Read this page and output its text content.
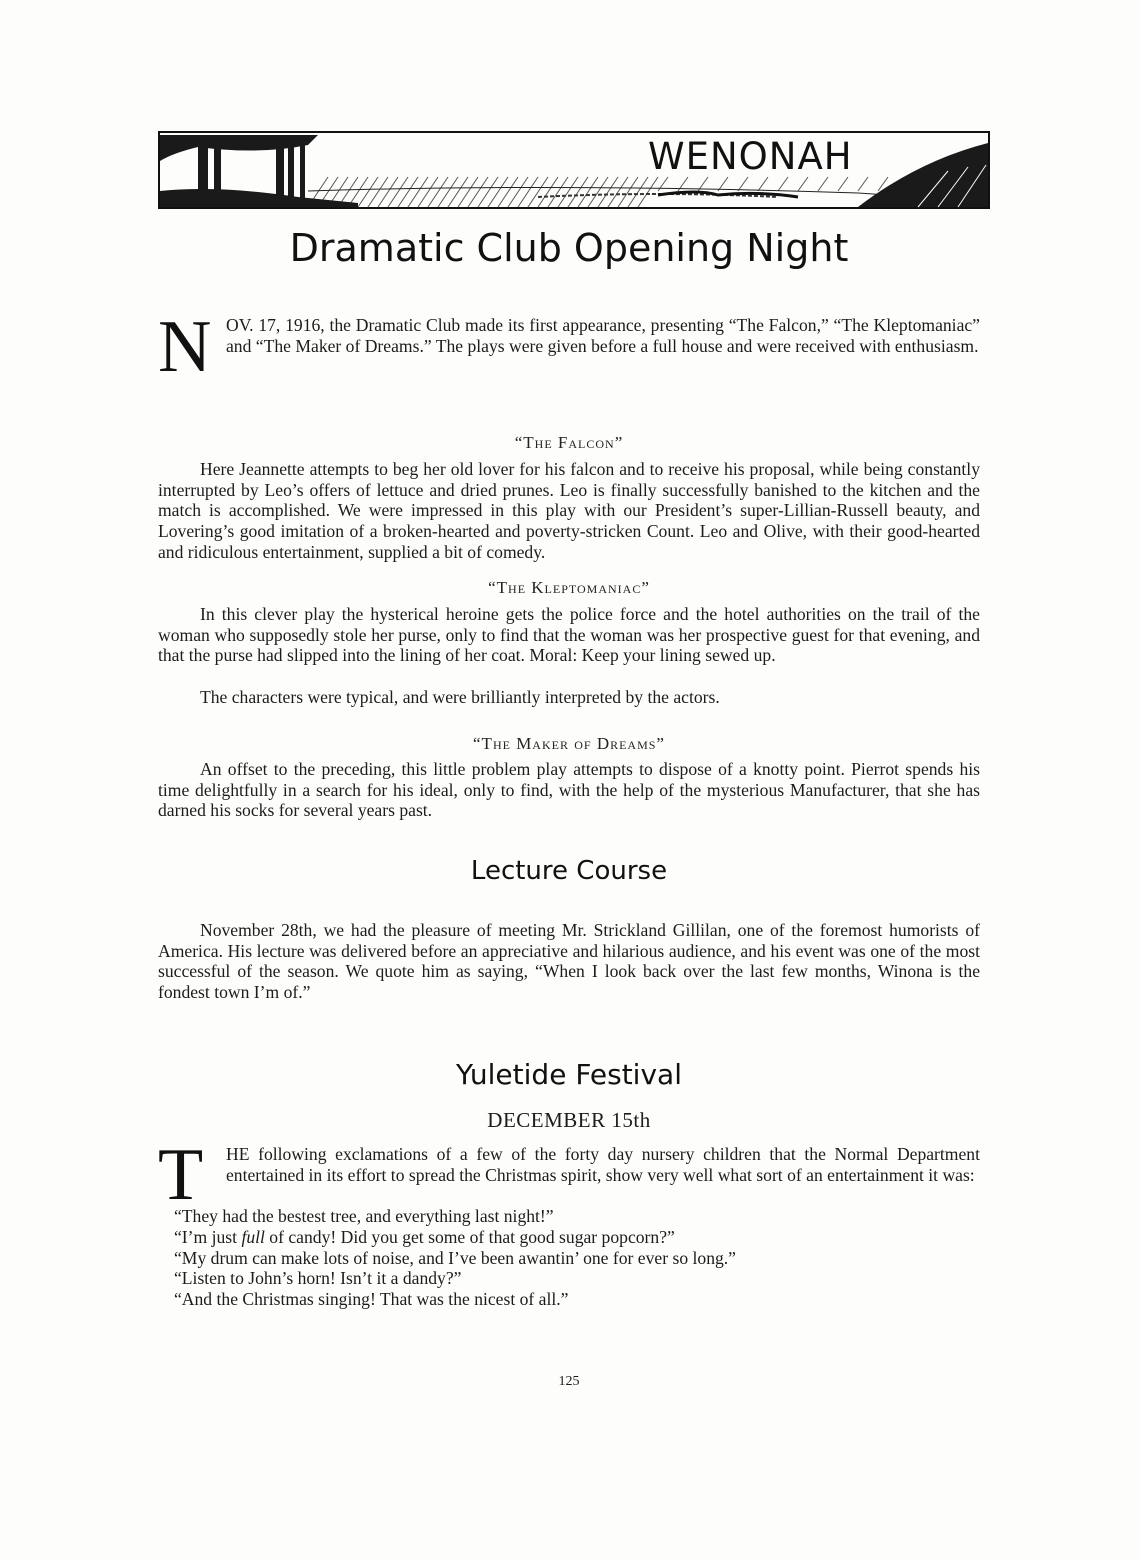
WENONAH
Dramatic Club Opening Night
N OV. 17, 1916, the Dramatic Club made its first appearance, presenting “The Falcon,” “The Kleptomaniac” and “The Maker of Dreams.” The plays were given before a full house and were received with enthusiasm.
“The Falcon”
Here Jeannette attempts to beg her old lover for his falcon and to receive his proposal, while being constantly interrupted by Leo’s offers of lettuce and dried prunes. Leo is finally successfully banished to the kitchen and the match is accomplished. We were impressed in this play with our President’s super-Lillian-Russell beauty, and Lovering’s good imitation of a broken-hearted and poverty-stricken Count. Leo and Olive, with their good-hearted and ridiculous entertainment, supplied a bit of comedy.
“The Kleptomaniac”
In this clever play the hysterical heroine gets the police force and the hotel authorities on the trail of the woman who supposedly stole her purse, only to find that the woman was her prospective guest for that evening, and that the purse had slipped into the lining of her coat. Moral: Keep your lining sewed up.
The characters were typical, and were brilliantly interpreted by the actors.
“The Maker of Dreams”
An offset to the preceding, this little problem play attempts to dispose of a knotty point. Pierrot spends his time delightfully in a search for his ideal, only to find, with the help of the mysterious Manufacturer, that she has darned his socks for several years past.
Lecture Course
November 28th, we had the pleasure of meeting Mr. Strickland Gillilan, one of the foremost humorists of America. His lecture was delivered before an appreciative and hilarious audience, and his event was one of the most successful of the season. We quote him as saying, “When I look back over the last few months, Winona is the fondest town I’m of.”
Yuletide Festival
DECEMBER 15th
T HE following exclamations of a few of the forty day nursery children that the Normal Department entertained in its effort to spread the Christmas spirit, show very well what sort of an entertainment it was:
“They had the bestest tree, and everything last night!”
“I’m just full of candy! Did you get some of that good sugar popcorn?”
“My drum can make lots of noise, and I’ve been awantin’ one for ever so long.”
“Listen to John’s horn! Isn’t it a dandy?”
“And the Christmas singing! That was the nicest of all.”
125
